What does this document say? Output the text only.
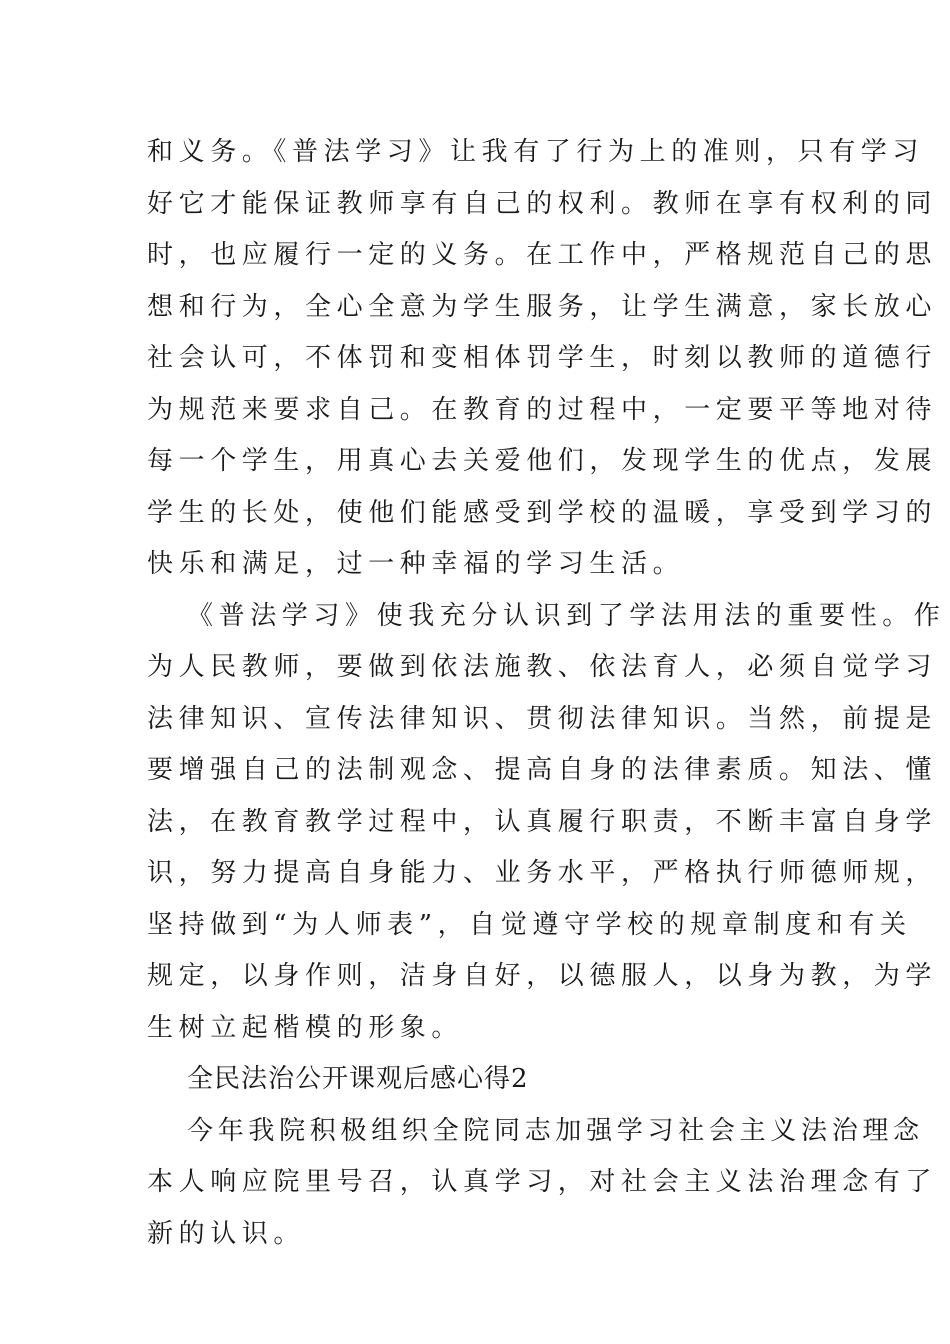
和义务。《普法学习》让我有了行为上的准则，只有学习
好它才能保证教师享有自己的权利。教师在享有权利的同
时，也应履行一定的义务。在工作中，严格规范自己的思
想和行为，全心全意为学生服务，让学生满意，家长放心
社会认可，不体罚和变相体罚学生，时刻以教师的道德行
为规范来要求自己。在教育的过程中，一定要平等地对待
每一个学生，用真心去关爱他们，发现学生的优点，发展
学生的长处，使他们能感受到学校的温暖，享受到学习的
快乐和满足，过一种幸福的学习生活。
《普法学习》使我充分认识到了学法用法的重要性。作
为人民教师，要做到依法施教、依法育人，必须自觉学习
法律知识、宣传法律知识、贯彻法律知识。当然，前提是
要增强自己的法制观念、提高自身的法律素质。知法、懂
法，在教育教学过程中，认真履行职责，不断丰富自身学
识，努力提高自身能力、业务水平，严格执行师德师规，
坚持做到“为人师表”，自觉遵守学校的规章制度和有关
规定，以身作则，洁身自好，以德服人，以身为教，为学
生树立起楷模的形象。
全民法治公开课观后感心得2
今年我院积极组织全院同志加强学习社会主义法治理念
本人响应院里号召，认真学习，对社会主义法治理念有了
新的认识。
